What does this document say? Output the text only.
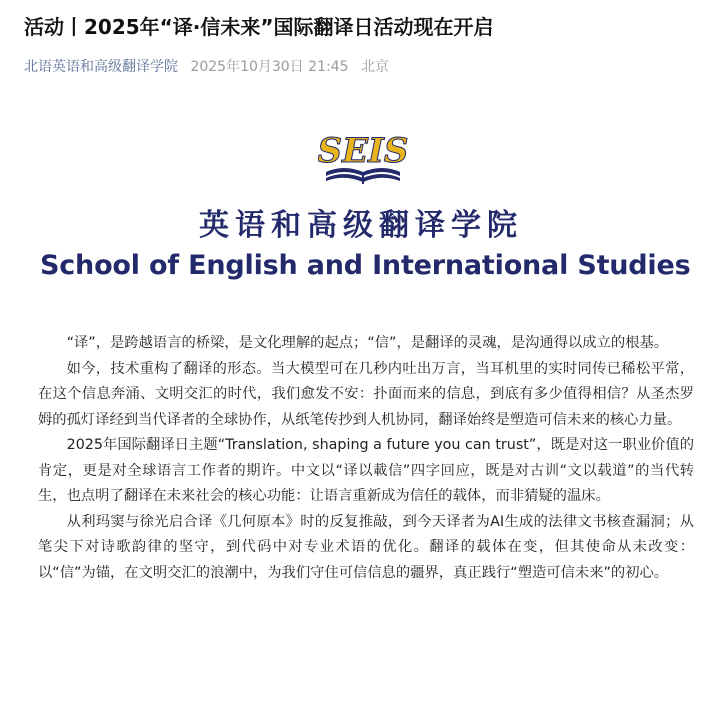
活动丨2025年“译·信未来”国际翻译日活动现在开启
北语英语和高级翻译学院 2025年10月30日 21:45 北京
SEIS
英语和高级翻译学院
School of English and International Studies

“译”，是跨越语言的桥梁，是文化理解的起点；“信”，是翻译的灵魂，是沟通得以成立的根基。

如今，技术重构了翻译的形态。当大模型可在几秒内吐出万言，当耳机里的实时同传已稀松平常，在这个信息奔涌、文明交汇的时代，我们愈发不安：扑面而来的信息，到底有多少值得相信？从圣杰罗姆的孤灯译经到当代译者的全球协作，从纸笔传抄到人机协同，翻译始终是塑造可信未来的核心力量。

2025年国际翻译日主题“Translation, shaping a future you can trust”，既是对这一职业价值的肯定，更是对全球语言工作者的期许。中文以“译以載信”四字回应，既是对古训“文以载道”的当代转生，也点明了翻译在未来社会的核心功能：让语言重新成为信任的载体，而非猜疑的温床。

从利玛窦与徐光启合译《几何原本》时的反复推敲，到今天译者为AI生成的法律文书核查漏洞；从笔尖下对诗歌韵律的坚守，到代码中对专业术语的优化。翻译的载体在变，但其使命从未改变：以“信”为锚，在文明交汇的浪潮中，为我们守住可信信息的疆界，真正践行“塑造可信未来”的初心。
